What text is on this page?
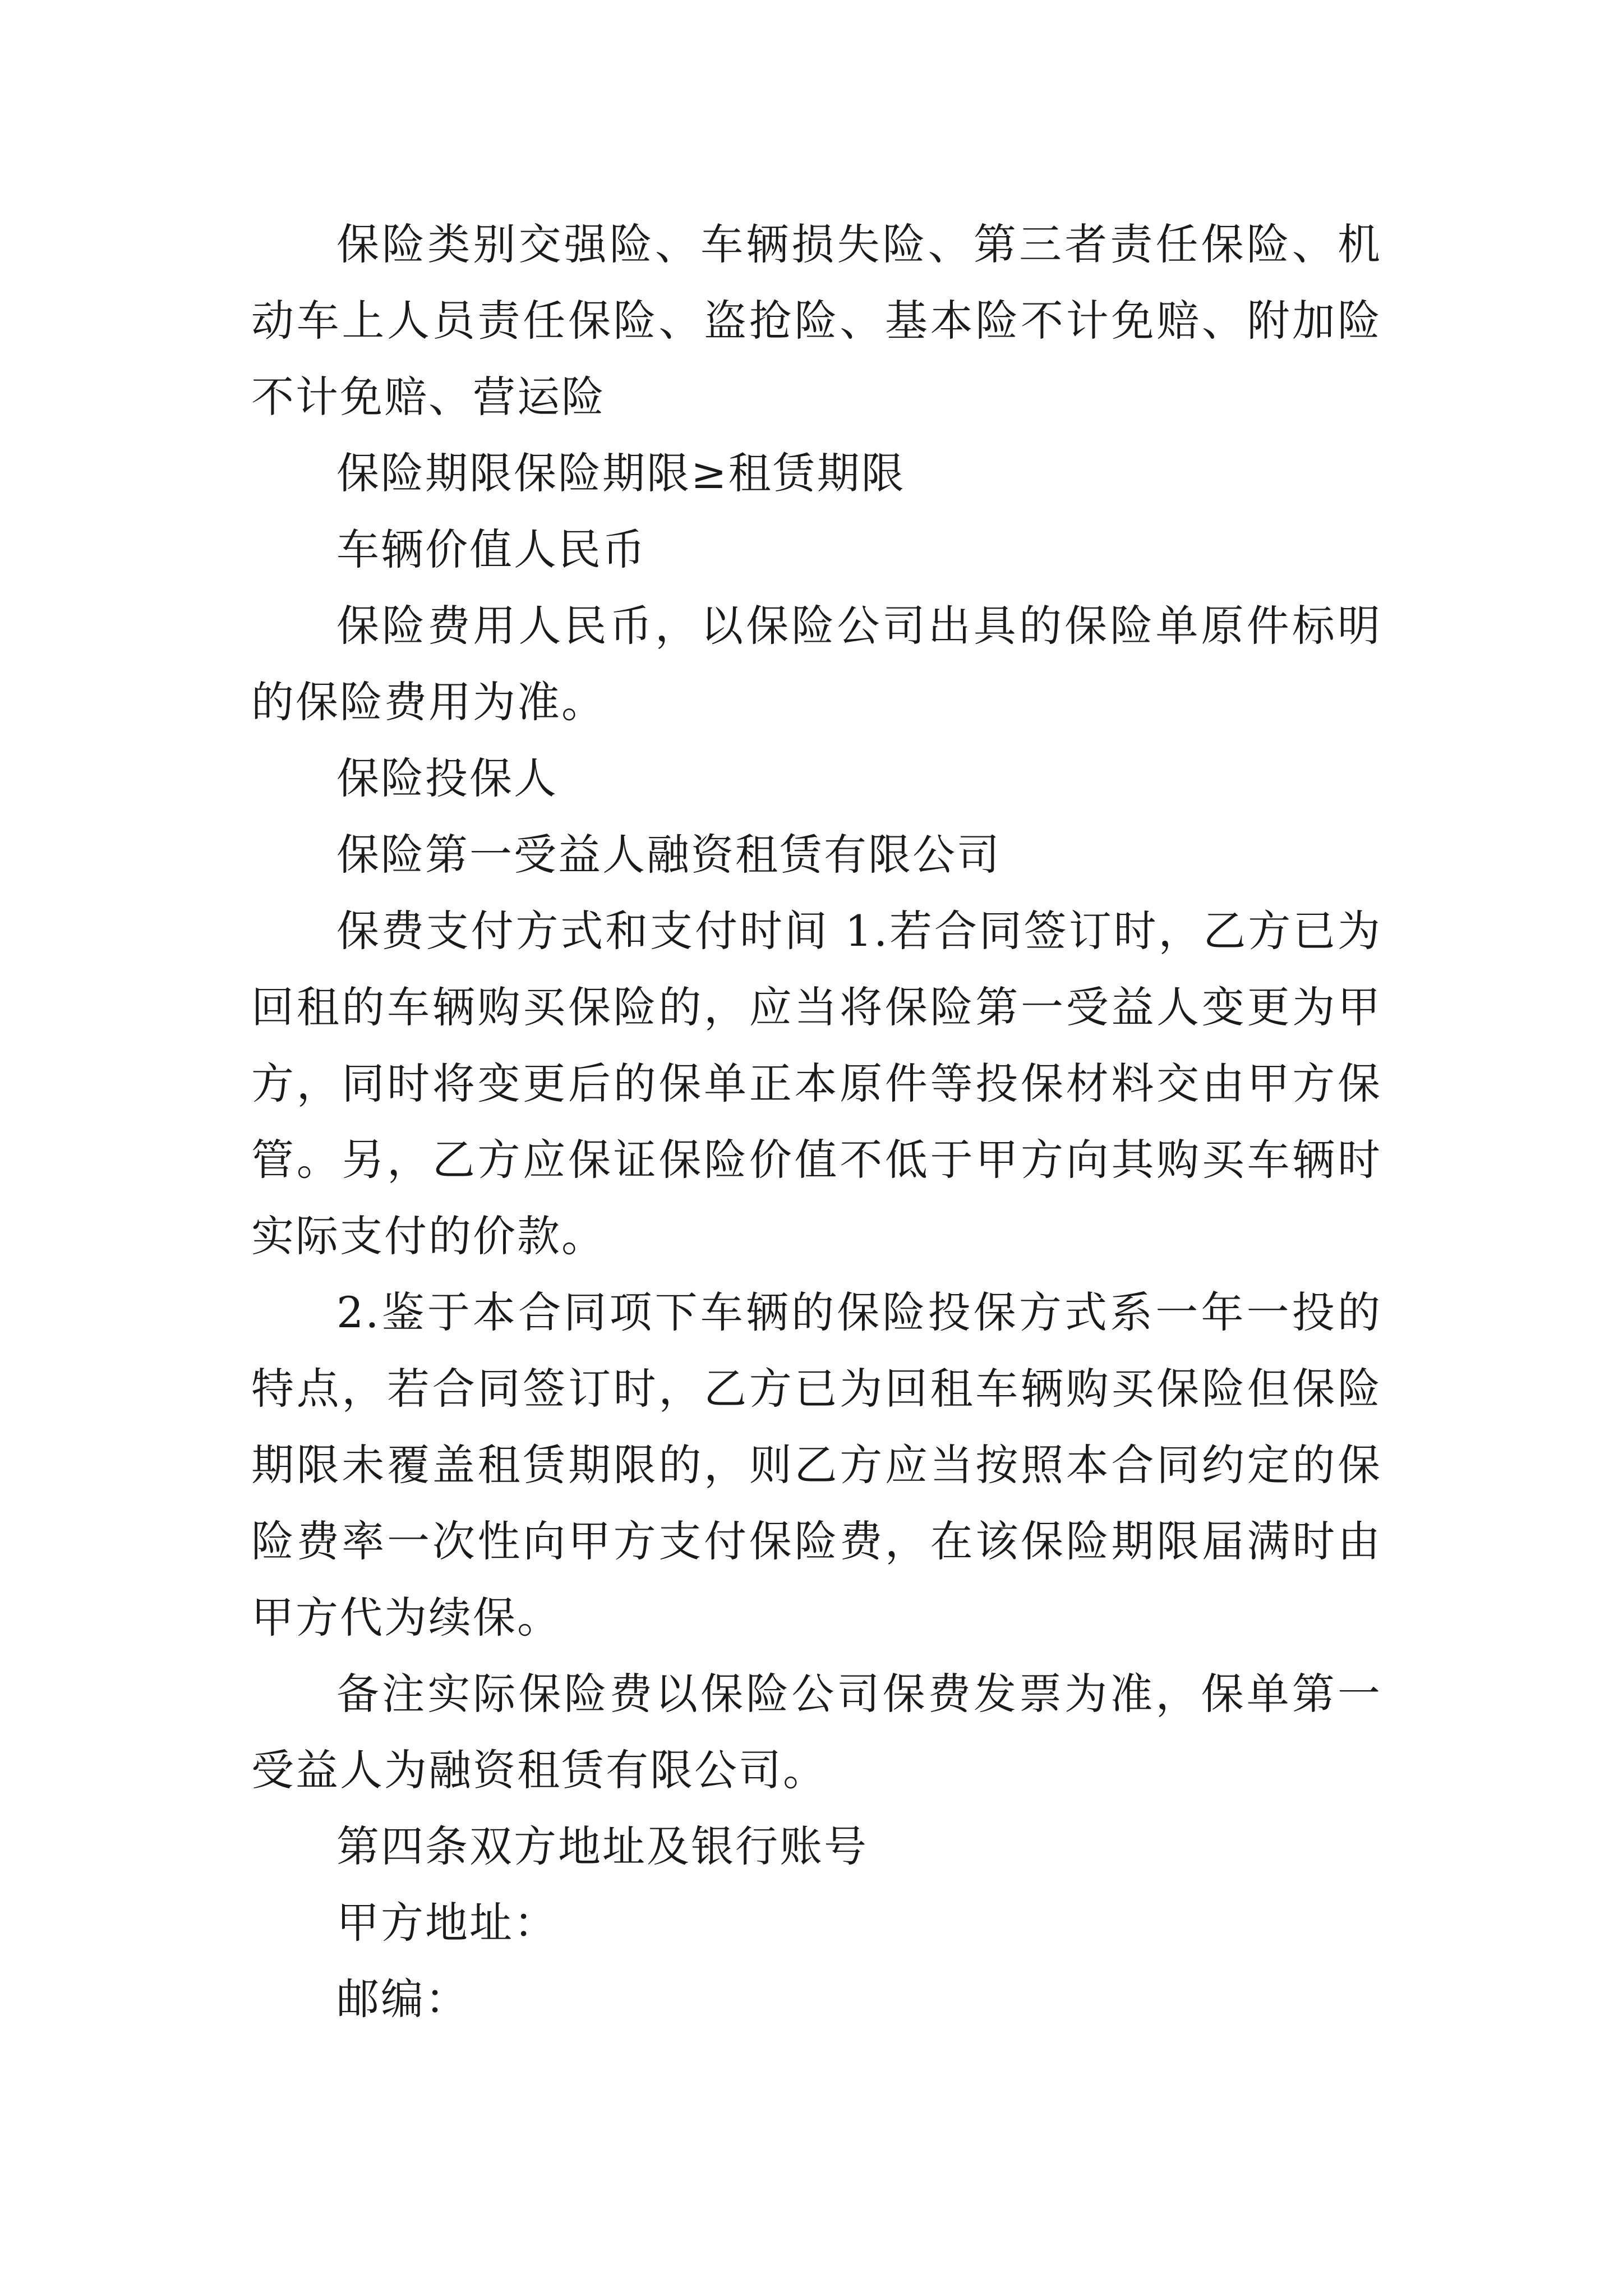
保险类别交强险、车辆损失险、第三者责任保险、机动车上人员责任保险、盗抢险、基本险不计免赔、附加险不计免赔、营运险

保险期限保险期限≥租赁期限

车辆价值人民币

保险费用人民币，以保险公司出具的保险单原件标明的保险费用为准。

保险投保人

保险第一受益人融资租赁有限公司

保费支付方式和支付时间 1.若合同签订时，乙方已为回租的车辆购买保险的，应当将保险第一受益人变更为甲方，同时将变更后的保单正本原件等投保材料交由甲方保管。另，乙方应保证保险价值不低于甲方向其购买车辆时实际支付的价款。

2.鉴于本合同项下车辆的保险投保方式系一年一投的特点，若合同签订时，乙方已为回租车辆购买保险但保险期限未覆盖租赁期限的，则乙方应当按照本合同约定的保险费率一次性向甲方支付保险费，在该保险期限届满时由甲方代为续保。

备注实际保险费以保险公司保费发票为准，保单第一受益人为融资租赁有限公司。

第四条双方地址及银行账号

甲方地址：

邮编：
